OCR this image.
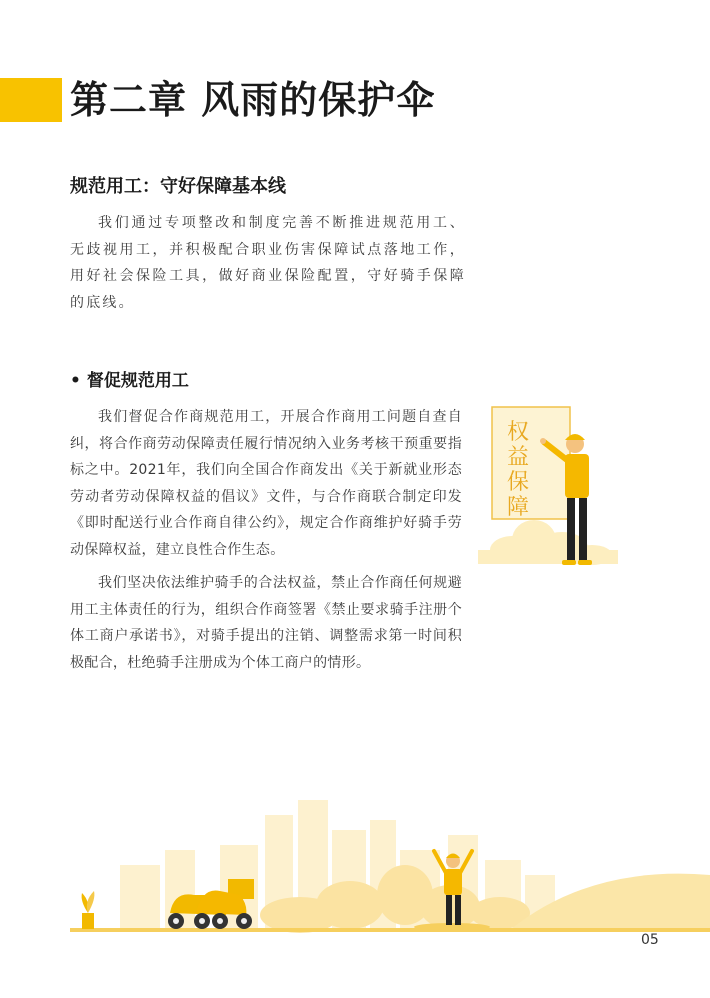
第二章 风雨的保护伞
规范用工：守好保障基本线

我们通过专项整改和制度完善不断推进规范用工、无歧视用工，并积极配合职业伤害保障试点落地工作，用好社会保险工具，做好商业保险配置，守好骑手保障的底线。

• 督促规范用工

我们督促合作商规范用工，开展合作商用工问题自查自纠，将合作商劳动保障责任履行情况纳入业务考核干预重要指标之中。2021年，我们向全国合作商发出《关于新就业形态劳动者劳动保障权益的倡议》文件，与合作商联合制定印发《即时配送行业合作商自律公约》，规定合作商维护好骑手劳动保障权益，建立良性合作生态。

我们坚决依法维护骑手的合法权益，禁止合作商任何规避用工主体责任的行为，组织合作商签署《禁止要求骑手注册个体工商户承诺书》，对骑手提出的注销、调整需求第一时间积极配合，杜绝骑手注册成为个体工商户的情形。

权益保障
05
